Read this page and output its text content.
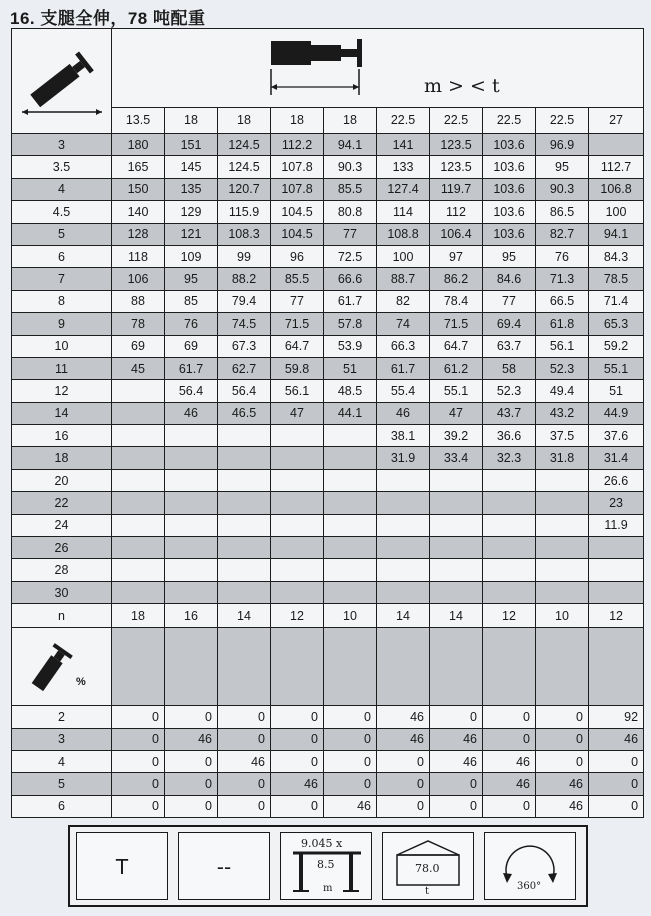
16. 支腿全伸，78 吨配重

m > < t									

	13.5	18	18	18	18	22.5	22.5	22.5	22.5	27
3	180	151	124.5	112.2	94.1	141	123.5	103.6	96.9	
3.5	165	145	124.5	107.8	90.3	133	123.5	103.6	95	112.7
4	150	135	120.7	107.8	85.5	127.4	119.7	103.6	90.3	106.8
4.5	140	129	115.9	104.5	80.8	114	112	103.6	86.5	100
5	128	121	108.3	104.5	77	108.8	106.4	103.6	82.7	94.1
6	118	109	99	96	72.5	100	97	95	76	84.3
7	106	95	88.2	85.5	66.6	88.7	86.2	84.6	71.3	78.5
8	88	85	79.4	77	61.7	82	78.4	77	66.5	71.4
9	78	76	74.5	71.5	57.8	74	71.5	69.4	61.8	65.3
10	69	69	67.3	64.7	53.9	66.3	64.7	63.7	56.1	59.2
11	45	61.7	62.7	59.8	51	61.7	61.2	58	52.3	55.1
12		56.4	56.4	56.1	48.5	55.4	55.1	52.3	49.4	51
14		46	46.5	47	44.1	46	47	43.7	43.2	44.9
16						38.1	39.2	36.6	37.5	37.6
18						31.9	33.4	32.3	31.8	31.4
20										26.6
22										23
24										11.9
26										
28										
30										
n	18	16	14	12	10	14	14	12	10	12

%										

2	0	0	0	0	0	46	0	0	0	92
3	0	46	0	0	0	46	46	0	0	46
4	0	0	46	0	0	0	46	46	0	0
5	0	0	0	46	0	0	0	46	46	0
6	0	0	0	0	46	0	0	0	46	0
T	--
9.045 x
8.5
m
78.0
t	360°
